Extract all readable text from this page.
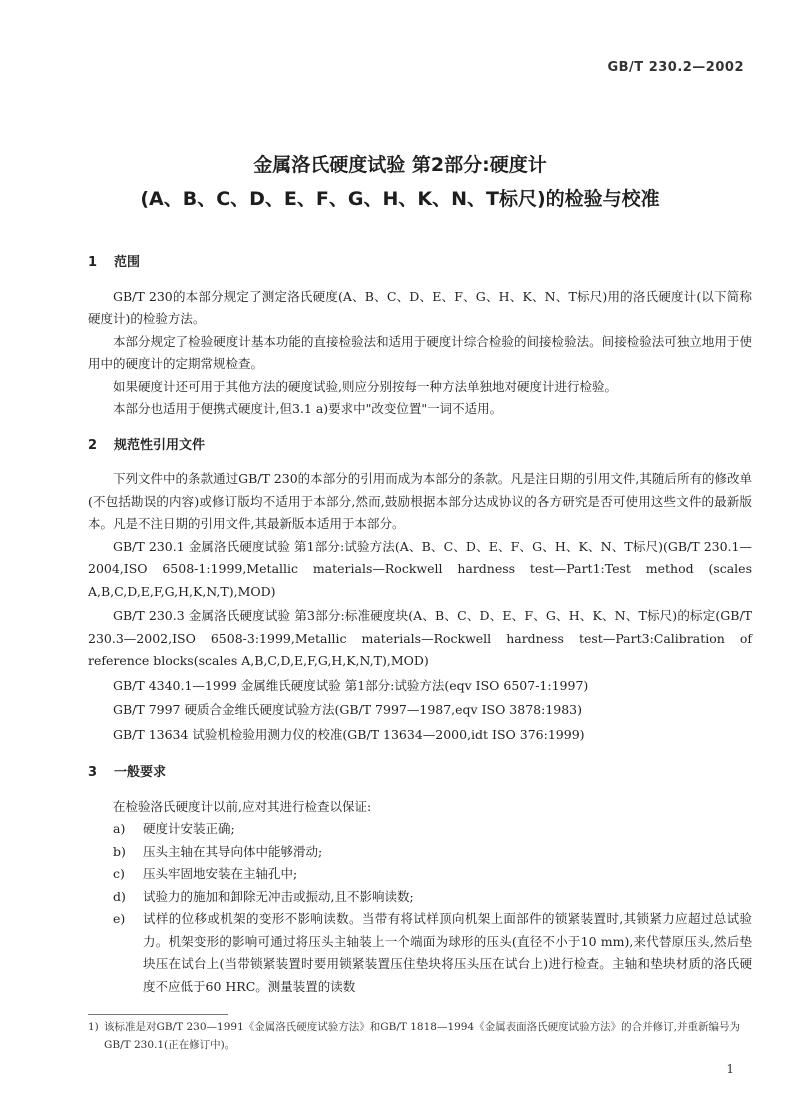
GB/T 230.2—2002
金属洛氏硬度试验 第2部分:硬度计
(A、B、C、D、E、F、G、H、K、N、T标尺)的检验与校准
1 范围

GB/T 230的本部分规定了测定洛氏硬度(A、B、C、D、E、F、G、H、K、N、T标尺)用的洛氏硬度计(以下简称硬度计)的检验方法。

本部分规定了检验硬度计基本功能的直接检验法和适用于硬度计综合检验的间接检验法。间接检验法可独立地用于使用中的硬度计的定期常规检查。

如果硬度计还可用于其他方法的硬度试验,则应分别按每一种方法单独地对硬度计进行检验。

本部分也适用于便携式硬度计,但3.1 a)要求中"改变位置"一词不适用。

2 规范性引用文件

下列文件中的条款通过GB/T 230的本部分的引用而成为本部分的条款。凡是注日期的引用文件,其随后所有的修改单(不包括勘误的内容)或修订版均不适用于本部分,然而,鼓励根据本部分达成协议的各方研究是否可使用这些文件的最新版本。凡是不注日期的引用文件,其最新版本适用于本部分。

GB/T 230.1 金属洛氏硬度试验 第1部分:试验方法(A、B、C、D、E、F、G、H、K、N、T标尺)(GB/T 230.1—2004,ISO 6508-1:1999,Metallic materials—Rockwell hardness test—Part1:Test method (scales A,B,C,D,E,F,G,H,K,N,T),MOD)

GB/T 230.3 金属洛氏硬度试验 第3部分:标准硬度块(A、B、C、D、E、F、G、H、K、N、T标尺)的标定(GB/T 230.3—2002,ISO 6508-3:1999,Metallic materials—Rockwell hardness test—Part3:Calibration of reference blocks(scales A,B,C,D,E,F,G,H,K,N,T),MOD)

GB/T 4340.1—1999 金属维氏硬度试验 第1部分:试验方法(eqv ISO 6507-1:1997)

GB/T 7997 硬质合金维氏硬度试验方法(GB/T 7997—1987,eqv ISO 3878:1983)

GB/T 13634 试验机检验用测力仪的校准(GB/T 13634—2000,idt ISO 376:1999)

3 一般要求

在检验洛氏硬度计以前,应对其进行检查以保证:

a)	硬度计安装正确;
b)	压头主轴在其导向体中能够滑动;
c)	压头牢固地安装在主轴孔中;
d)	试验力的施加和卸除无冲击或振动,且不影响读数;
e)	试样的位移或机架的变形不影响读数。当带有将试样顶向机架上面部件的锁紧装置时,其锁紧力应超过总试验力。机架变形的影响可通过将压头主轴装上一个端面为球形的压头(直径不小于10 mm),来代替原压头,然后垫块压在试台上(当带锁紧装置时要用锁紧装置压住垫块将压头压在试台上)进行检查。主轴和垫块材质的洛氏硬度不应低于60 HRC。测量装置的读数
1) 该标准是对GB/T 230—1991《金属洛氏硬度试验方法》和GB/T 1818—1994《金属表面洛氏硬度试验方法》的合并修订,并重新编号为GB/T 230.1(正在修订中)。
1
